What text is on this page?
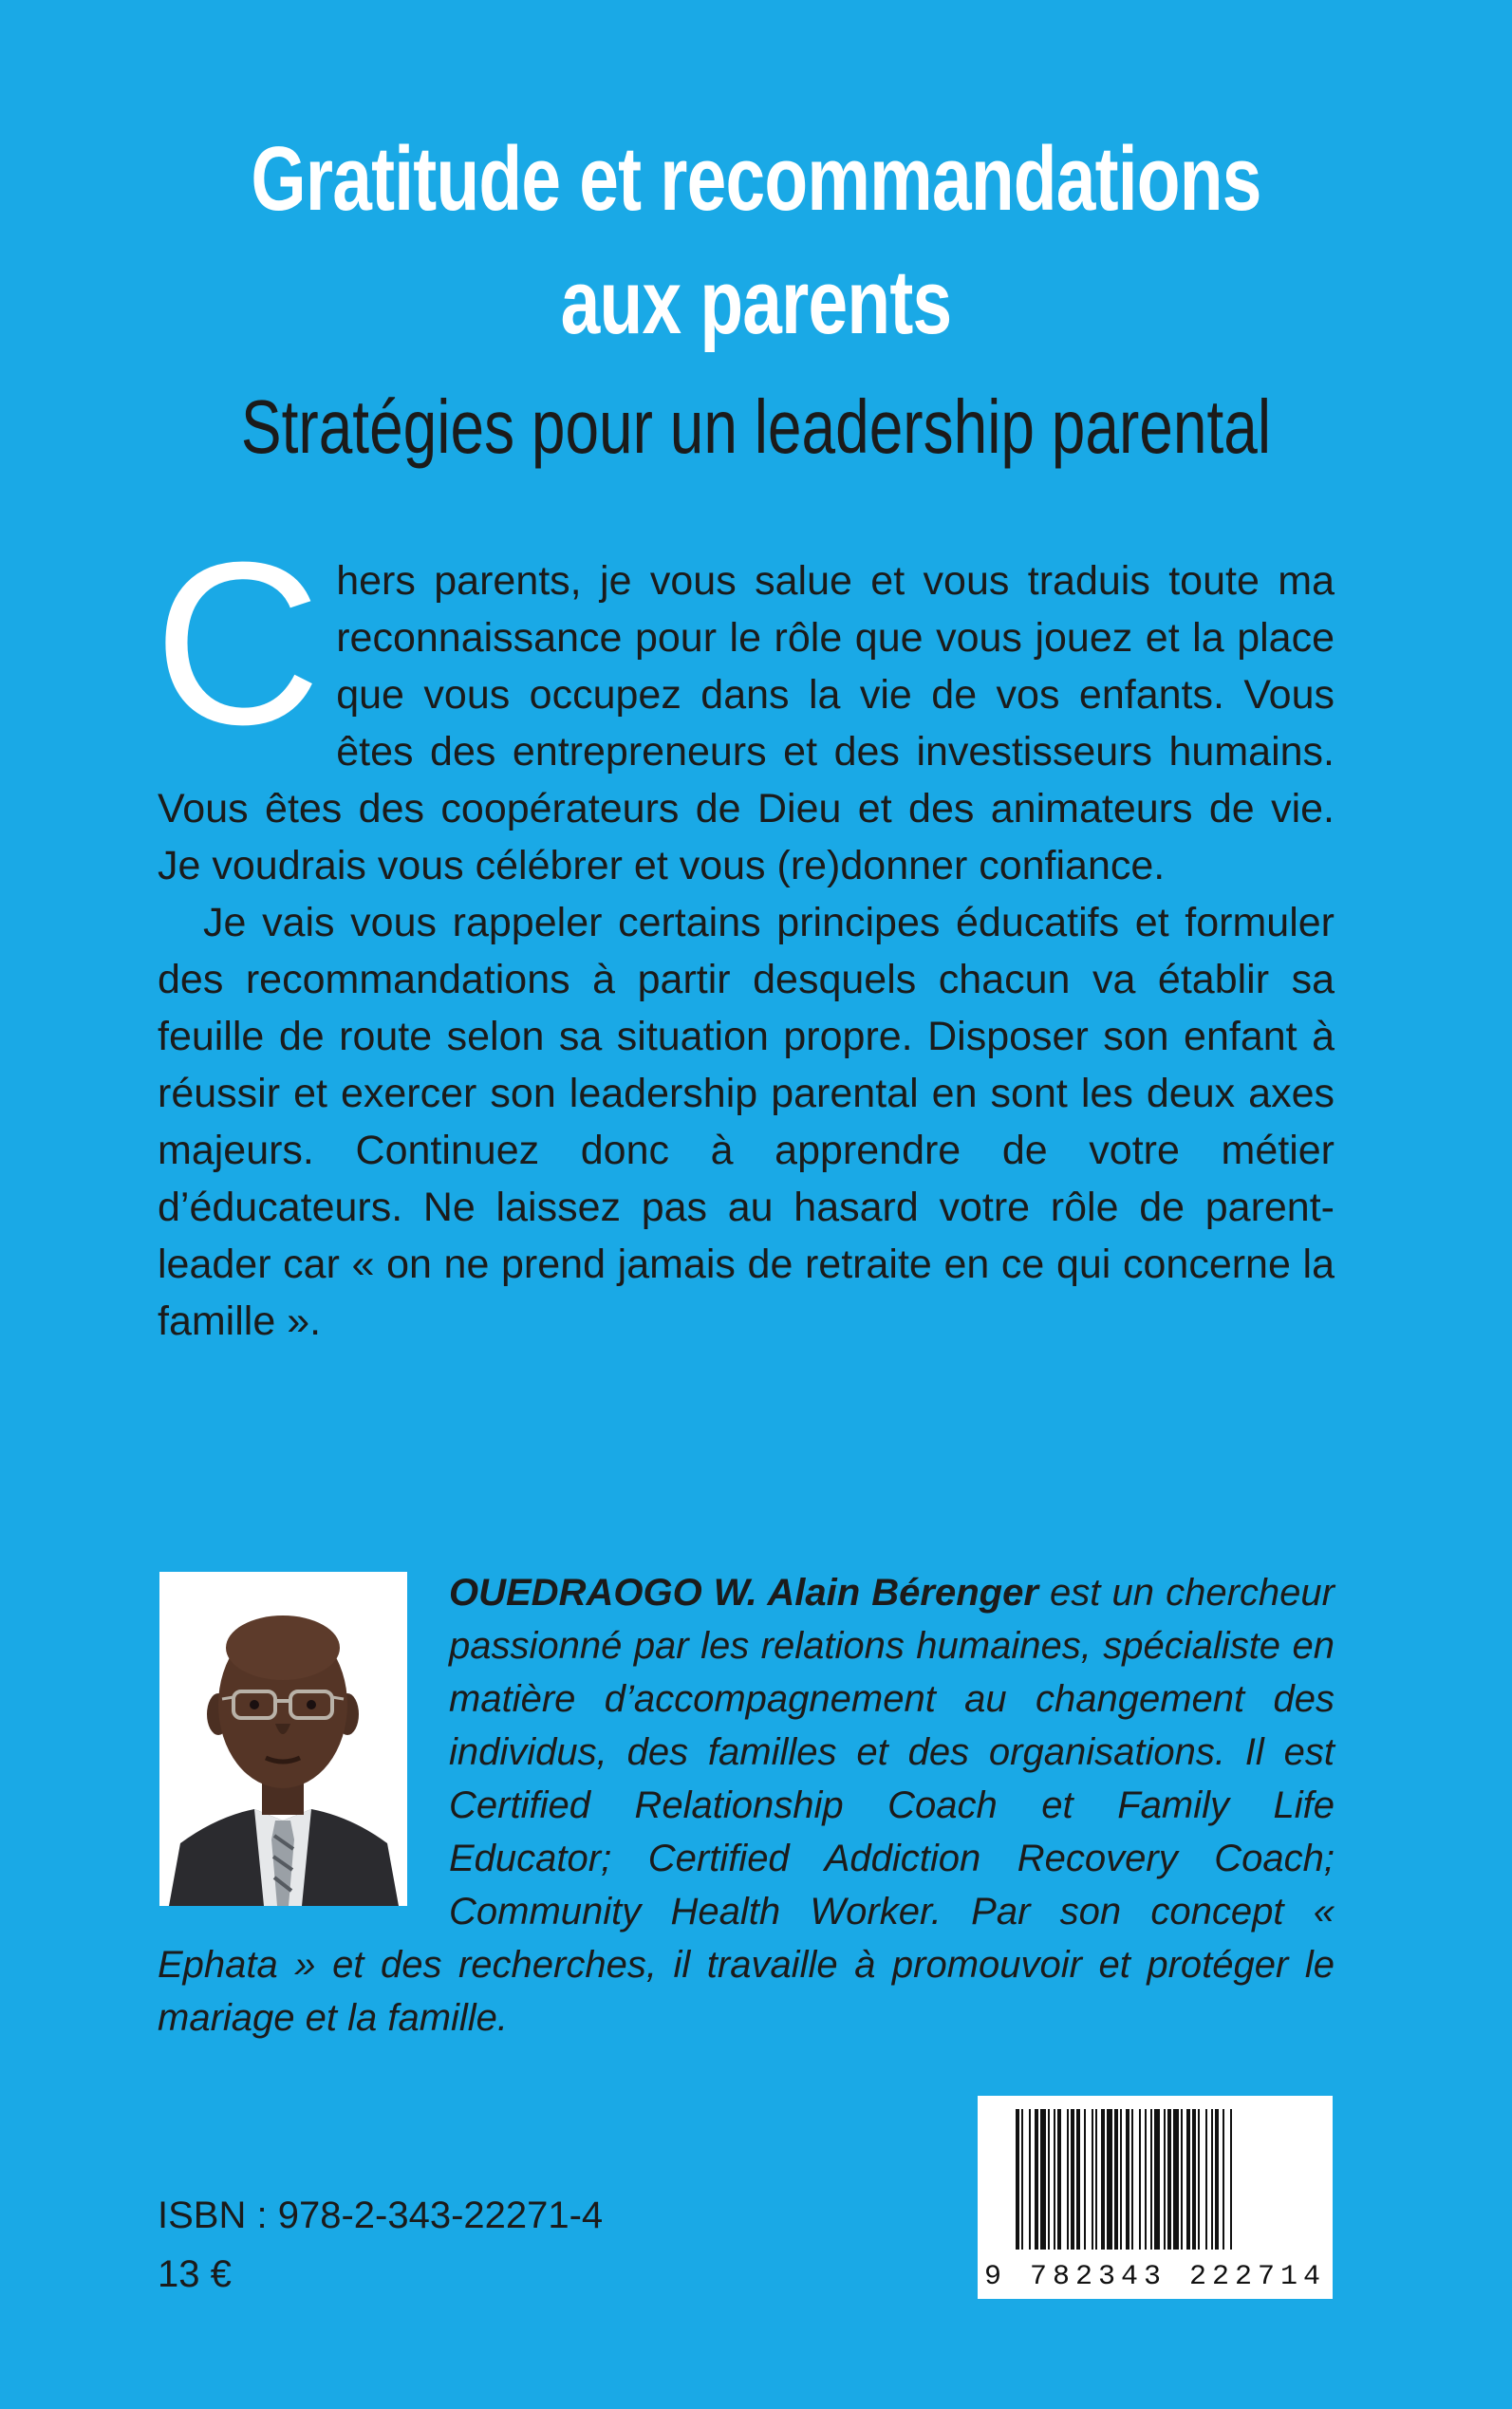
Gratitude et recommandations
aux parents
Stratégies pour un leadership parental

Chers parents, je vous salue et vous traduis toute ma reconnaissance pour le rôle que vous jouez et la place que vous occupez dans la vie de vos enfants. Vous êtes des entrepreneurs et des investisseurs humains. Vous êtes des coopérateurs de Dieu et des animateurs de vie. Je voudrais vous célébrer et vous (re)donner confiance.

Je vais vous rappeler certains principes éducatifs et formuler des recommandations à partir desquels chacun va établir sa feuille de route selon sa situation propre. Disposer son enfant à réussir et exercer son leadership parental en sont les deux axes majeurs. Continuez donc à apprendre de votre métier d’éducateurs. Ne laissez pas au hasard votre rôle de parent-leader car « on ne prend jamais de retraite en ce qui concerne la famille ».

OUEDRAOGO W. Alain Bérenger est un chercheur passionné par les relations humaines, spécialiste en matière d’accompagnement au changement des individus, des familles et des organisations. Il est Certified Relationship Coach et Family Life Educator; Certified Addiction Recovery Coach; Community Health Worker. Par son concept « Ephata » et des recherches, il travaille à promouvoir et protéger le mariage et la famille.
ISBN : 978-2-343-22271-4
13 €	9 782343 222714
